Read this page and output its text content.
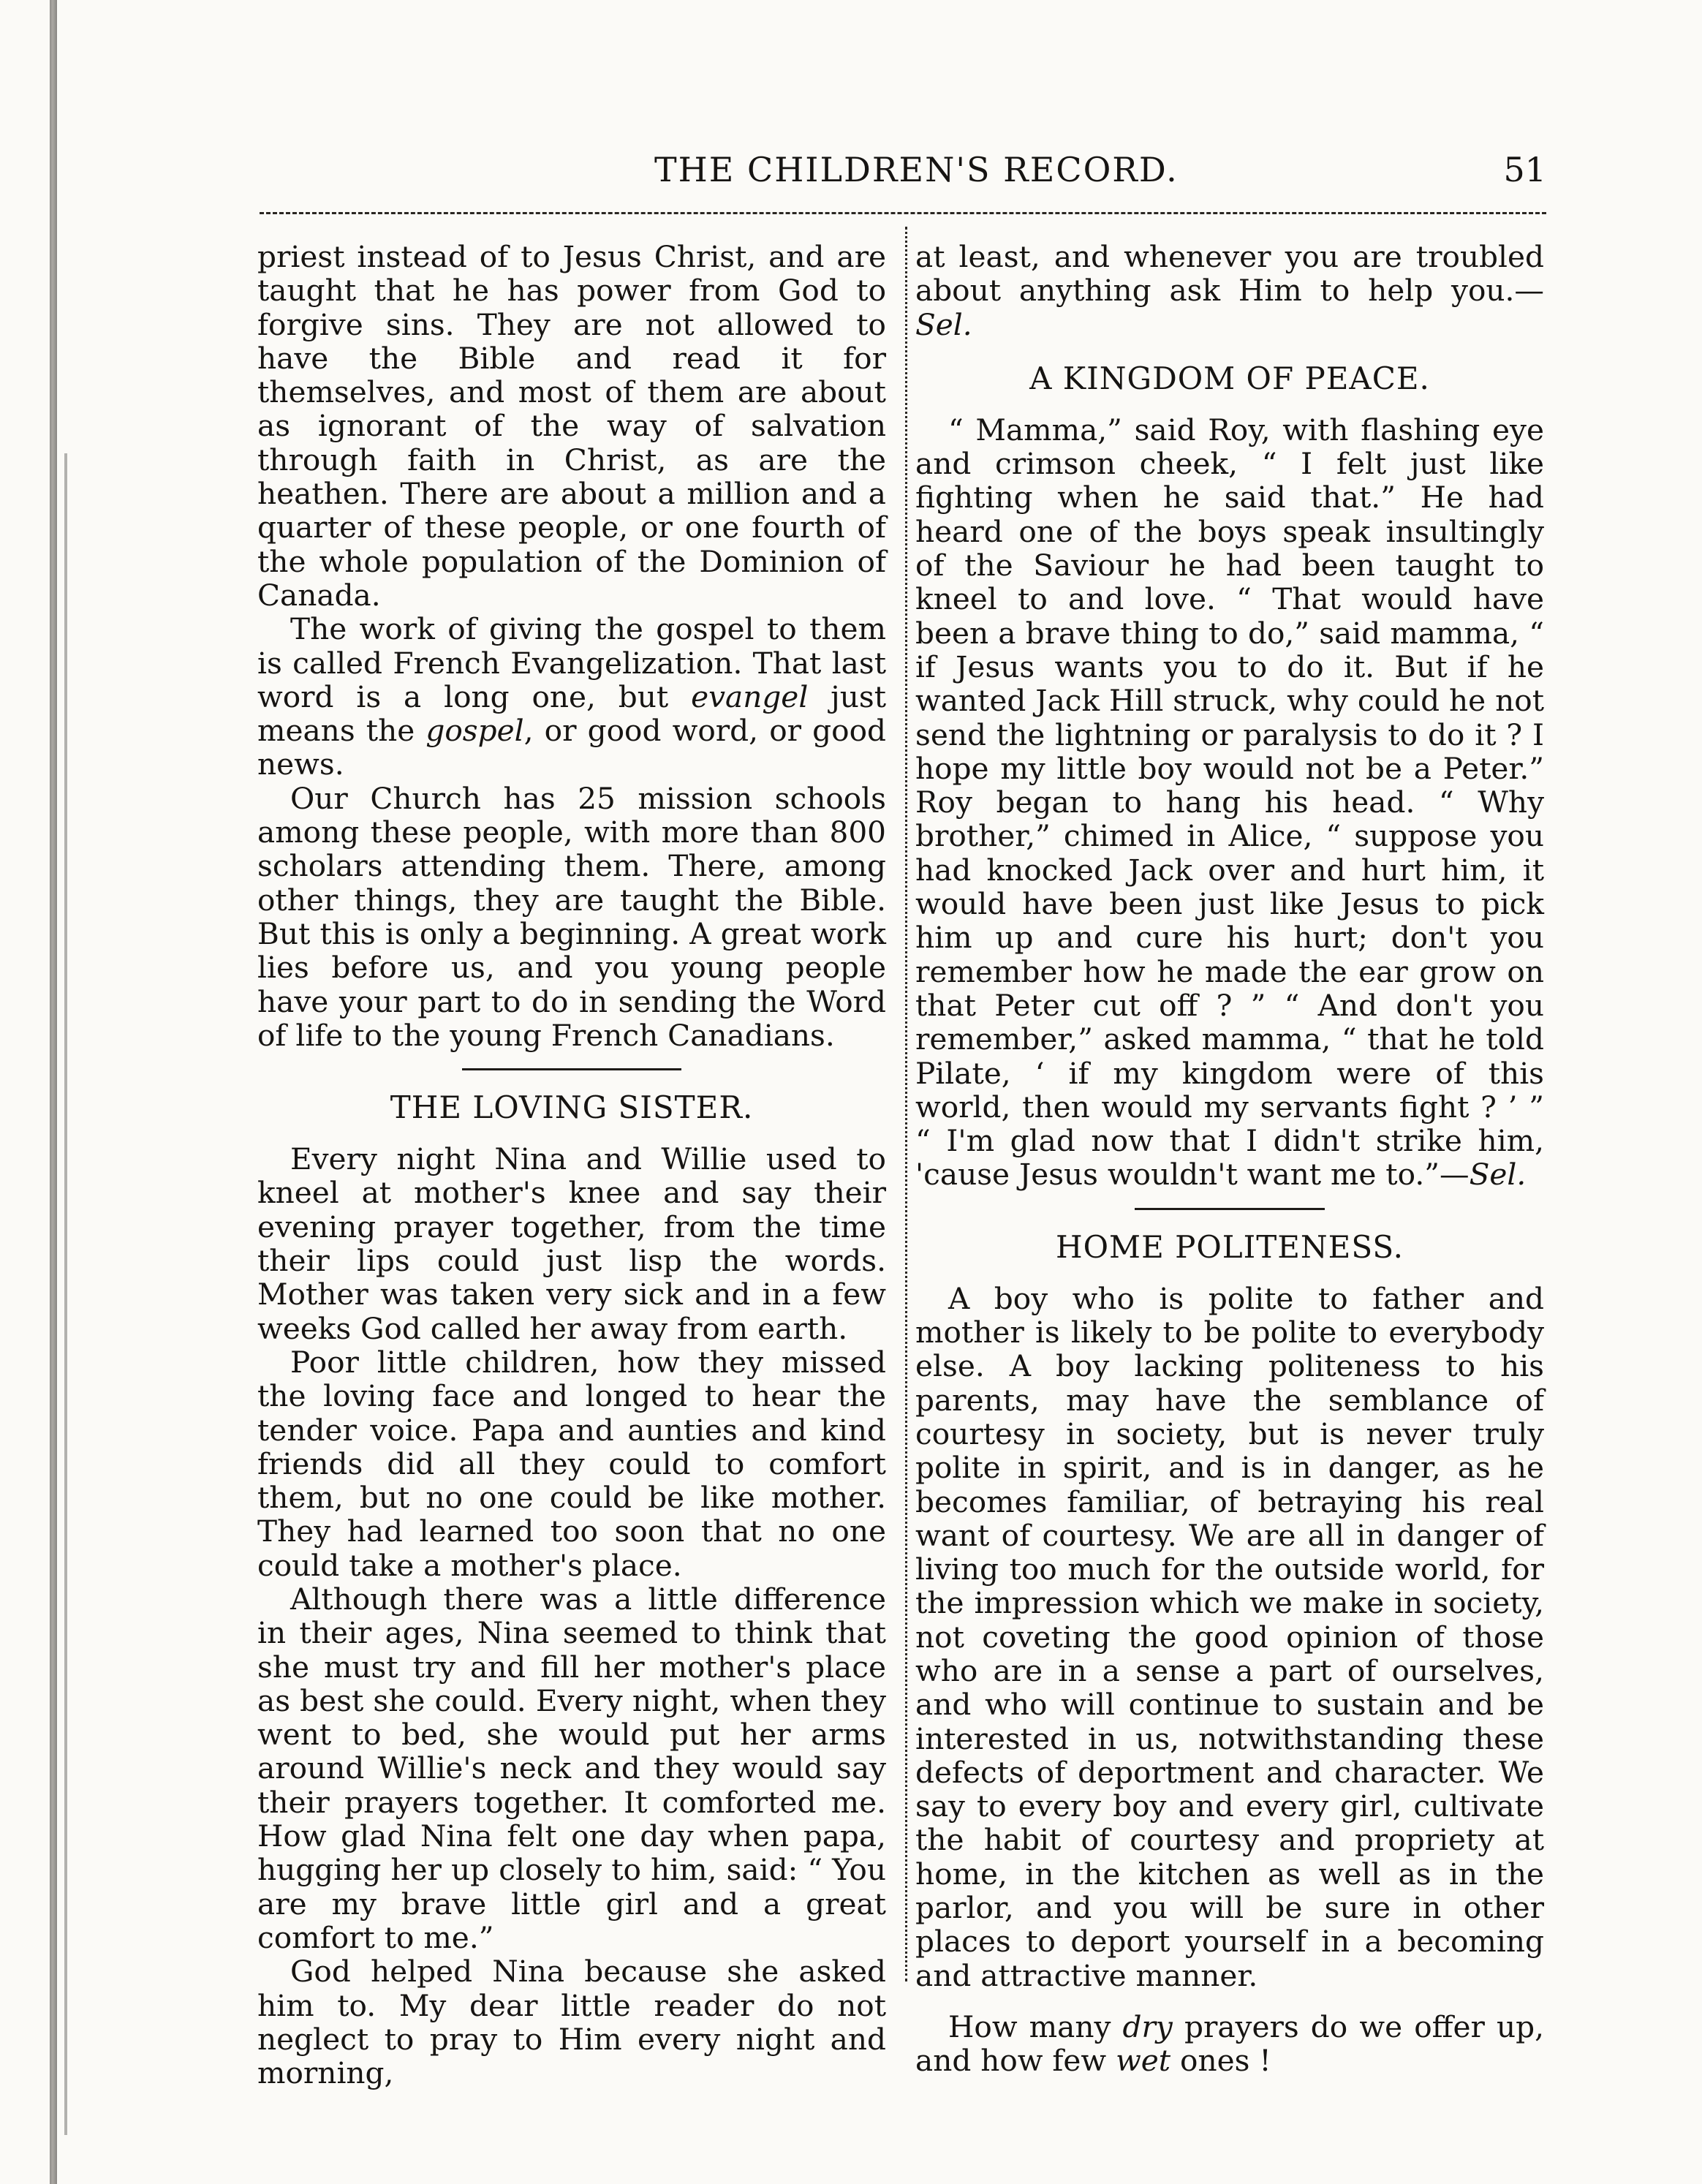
THE CHILDREN'S RECORD.	51

priest instead of to Jesus Christ, and are taught that he has power from God to forgive sins. They are not allowed to have the Bible and read it for themselves, and most of them are about as ignorant of the way of salvation through faith in Christ, as are the heathen. There are about a million and a quarter of these people, or one fourth of the whole population of the Dominion of Canada.

The work of giving the gospel to them is called French Evangelization. That last word is a long one, but evangel just means the gospel, or good word, or good news.

Our Church has 25 mission schools among these people, with more than 800 scholars attending them. There, among other things, they are taught the Bible. But this is only a beginning. A great work lies before us, and you young people have your part to do in sending the Word of life to the young French Canadians.

THE LOVING SISTER.

Every night Nina and Willie used to kneel at mother's knee and say their evening prayer together, from the time their lips could just lisp the words. Mother was taken very sick and in a few weeks God called her away from earth.

Poor little children, how they missed the loving face and longed to hear the tender voice. Papa and aunties and kind friends did all they could to comfort them, but no one could be like mother. They had learned too soon that no one could take a mother's place.

Although there was a little difference in their ages, Nina seemed to think that she must try and fill her mother's place as best she could. Every night, when they went to bed, she would put her arms around Willie's neck and they would say their prayers together. It comforted me. How glad Nina felt one day when papa, hugging her up closely to him, said: “ You are my brave little girl and a great comfort to me.”

God helped Nina because she asked him to. My dear little reader do not neglect to pray to Him every night and morning,

at least, and whenever you are troubled about anything ask Him to help you.—Sel.

A KINGDOM OF PEACE.

“ Mamma,” said Roy, with flashing eye and crimson cheek, “ I felt just like fighting when he said that.” He had heard one of the boys speak insultingly of the Saviour he had been taught to kneel to and love. “ That would have been a brave thing to do,” said mamma, “ if Jesus wants you to do it. But if he wanted Jack Hill struck, why could he not send the lightning or paralysis to do it ? I hope my little boy would not be a Peter.” Roy began to hang his head. “ Why brother,” chimed in Alice, “ suppose you had knocked Jack over and hurt him, it would have been just like Jesus to pick him up and cure his hurt; don't you remember how he made the ear grow on that Peter cut off ? ” “ And don't you remember,” asked mamma, “ that he told Pilate, ‘ if my kingdom were of this world, then would my servants fight ? ’ ” “ I'm glad now that I didn't strike him, 'cause Jesus wouldn't want me to.”—Sel.

HOME POLITENESS.

A boy who is polite to father and mother is likely to be polite to everybody else. A boy lacking politeness to his parents, may have the semblance of courtesy in society, but is never truly polite in spirit, and is in danger, as he becomes familiar, of betraying his real want of courtesy. We are all in danger of living too much for the outside world, for the impression which we make in society, not coveting the good opinion of those who are in a sense a part of ourselves, and who will continue to sustain and be interested in us, notwithstanding these defects of deportment and character. We say to every boy and every girl, cultivate the habit of courtesy and propriety at home, in the kitchen as well as in the parlor, and you will be sure in other places to deport yourself in a becoming and attractive manner.

How many dry prayers do we offer up, and how few wet ones !
